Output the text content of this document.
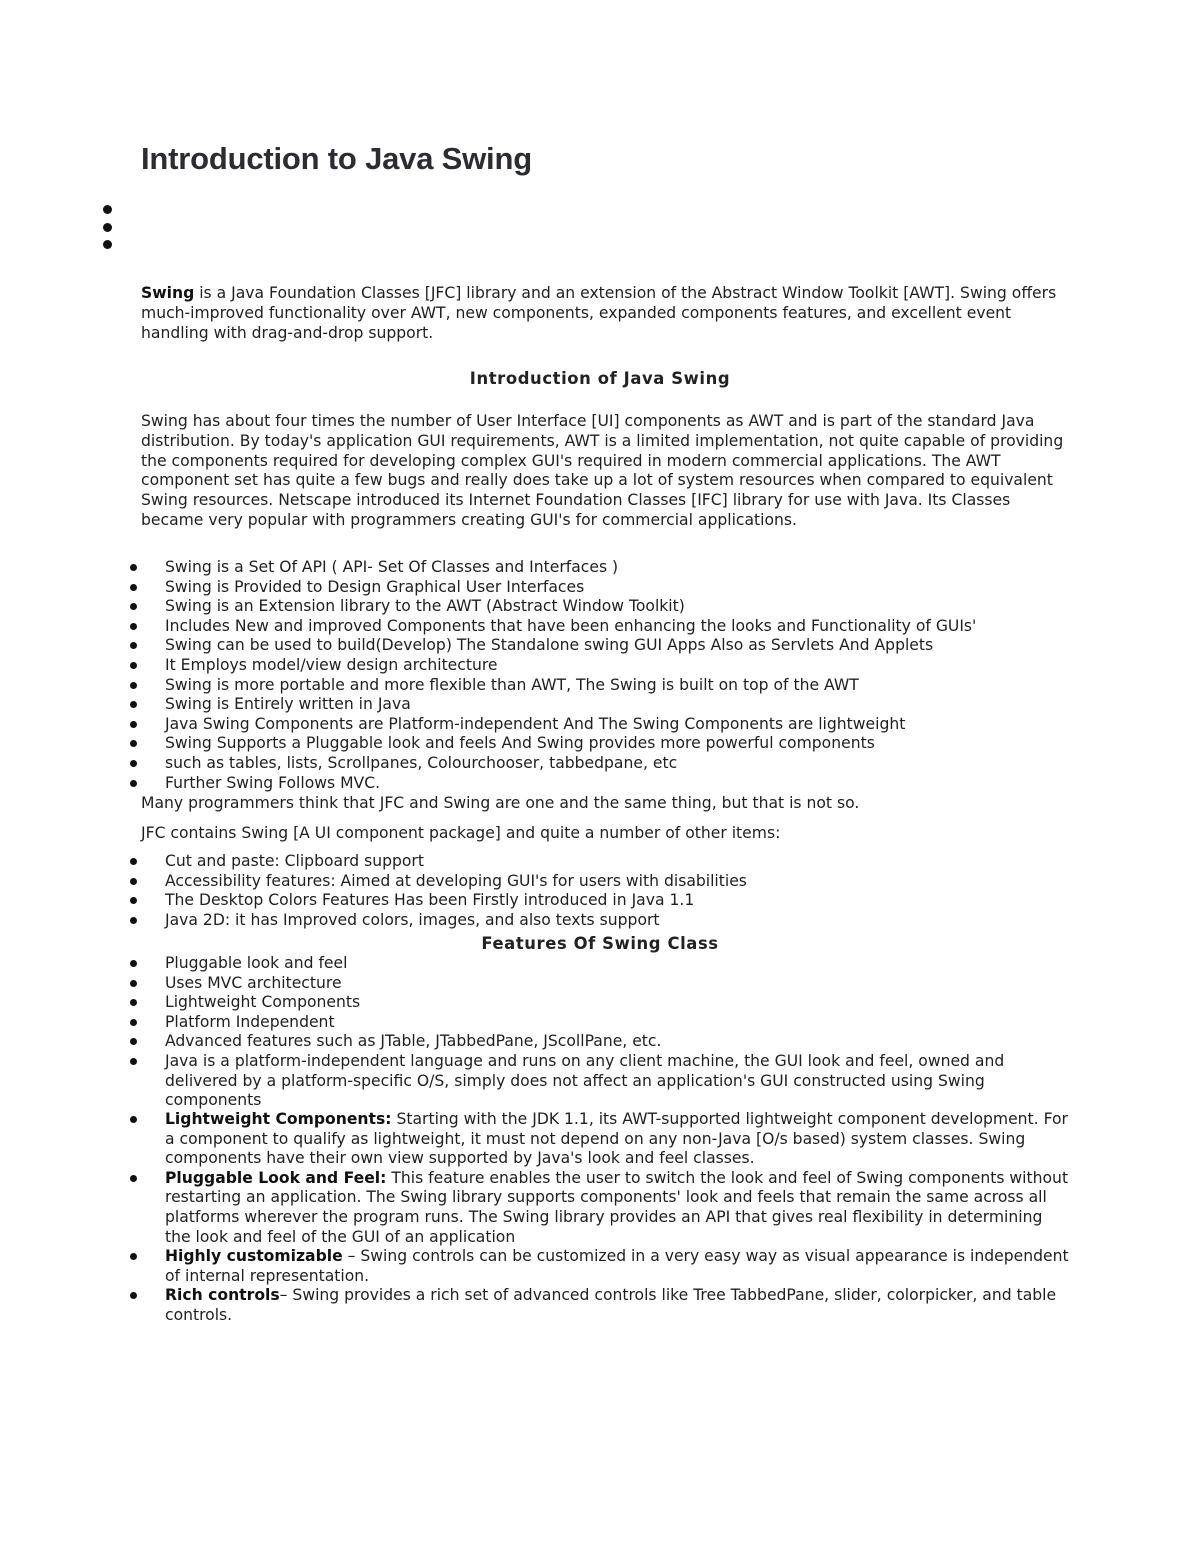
Introduction to Java Swing

Swing is a Java Foundation Classes [JFC] library and an extension of the Abstract Window Toolkit [AWT]. Swing offers much-improved functionality over AWT, new components, expanded components features, and excellent event handling with drag-and-drop support.

Introduction of Java Swing

Swing has about four times the number of User Interface [UI] components as AWT and is part of the standard Java distribution. By today's application GUI requirements, AWT is a limited implementation, not quite capable of providing the components required for developing complex GUI's required in modern commercial applications. The AWT component set has quite a few bugs and really does take up a lot of system resources when compared to equivalent Swing resources. Netscape introduced its Internet Foundation Classes [IFC] library for use with Java. Its Classes became very popular with programmers creating GUI's for commercial applications.

Swing is a Set Of API ( API- Set Of Classes and Interfaces )
Swing is Provided to Design Graphical User Interfaces
Swing is an Extension library to the AWT (Abstract Window Toolkit)
Includes New and improved Components that have been enhancing the looks and Functionality of GUIs'
Swing can be used to build(Develop) The Standalone swing GUI Apps Also as Servlets And Applets
It Employs model/view design architecture
Swing is more portable and more flexible than AWT, The Swing is built on top of the AWT
Swing is Entirely written in Java
Java Swing Components are Platform-independent And The Swing Components are lightweight
Swing Supports a Pluggable look and feels And Swing provides more powerful components
such as tables, lists, Scrollpanes, Colourchooser, tabbedpane, etc
Further Swing Follows MVC.

Many programmers think that JFC and Swing are one and the same thing, but that is not so.

JFC contains Swing [A UI component package] and quite a number of other items:

Cut and paste: Clipboard support
Accessibility features: Aimed at developing GUI's for users with disabilities
The Desktop Colors Features Has been Firstly introduced in Java 1.1
Java 2D: it has Improved colors, images, and also texts support
Features Of Swing Class
Pluggable look and feel
Uses MVC architecture
Lightweight Components
Platform Independent
Advanced features such as JTable, JTabbedPane, JScollPane, etc.
Java is a platform-independent language and runs on any client machine, the GUI look and feel, owned and delivered by a platform-specific O/S, simply does not affect an application's GUI constructed using Swing components
Lightweight Components: Starting with the JDK 1.1, its AWT-supported lightweight component development. For a component to qualify as lightweight, it must not depend on any non-Java [O/s based) system classes. Swing components have their own view supported by Java's look and feel classes.
Pluggable Look and Feel: This feature enables the user to switch the look and feel of Swing components without restarting an application. The Swing library supports components' look and feels that remain the same across all platforms wherever the program runs. The Swing library provides an API that gives real flexibility in determining the look and feel of the GUI of an application
Highly customizable – Swing controls can be customized in a very easy way as visual appearance is independent of internal representation.
Rich controls– Swing provides a rich set of advanced controls like Tree TabbedPane, slider, colorpicker, and table controls.
